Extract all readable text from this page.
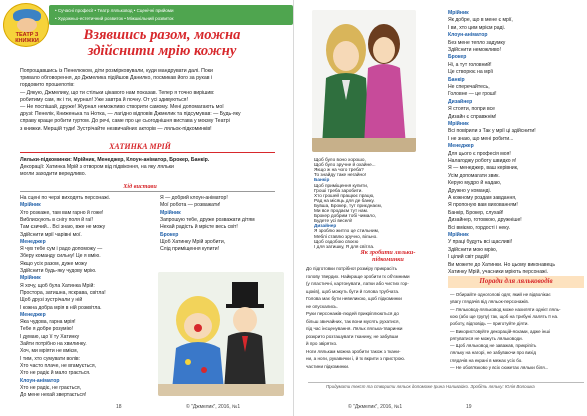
ТЕАТР З КНИЖКИ
• Сучасні професії • Театр ляльковод • Сценічні прийоми
• Художньо-естетичний розвиток • Міжшкільний розвиток
Взявшись разом, можна здійснити мрію кожну
Попрощавшись із Пенелюком, діти розмірковували, куди мандрувати далі. Поки
тривало обговорення, до Джмелика підійшов Данилко, посмикав його за рукав і
гордовито прошепотів:
— Дякую, Джмелику, що ти стільки цікавого нам показав. Тепер я точно вирішив:
робитиму сам, як і ти, журнал! Уже завтра й почну. От усі здивуються!
— Не поспішай, друже! Журнал неможливо створити самому. Мені допомагають мої
друзі: Пенелік, Книженька та Нотка, — лагідно відповів Джмелик та підсумував: — Будь-яку
справу краще робити гуртом. До речі, саме про це сьогоднішня вистава у моєму Театрі
з книжки. Мерщій туди! Зустрічайте незвичайних акторів — ляльок-підкоминків!
ХАТИНКА МРІЙ
Ляльки-підкоминки: Мрійник, Менеджер, Клоун-аніматор, Брокер, Банкір.
Декорації: Хатинка Мрій з отвором від підвіконня, на яку ляльки
могли заходити вередливо.
Хід вистави
На сцені по черзі виходять персонажі.
Мрійник
Хто розкаже, там вам гарно й гоже!
Виблискують в снігу поля й гаї!
Там єзичий... Всі знаю, вже не можу
Здійснити мрії чарівні мої.
Менеджер
Я чув тебе сум і радо допоможу —
Зберу команду сильну! Це я вмію.
Якщо усіх разом, дуже можу
Здійснити будь-яку чудову мрію.
Мрійник
Я хочу, щоб була Хатинка Мрій:
Простора, затишна, яскрава, світла!
Щоб друзі зустрічали у ній
І кожна добра мрія в ній розквітла.
Менеджер
Яка чудова, гарна мрія!
Тебе я добре розумію!
І думаю, що її ту Хатинку
Зайти потрібно на хвилинку.
Хоч, ми мріяти не вмієм,
І тим, хто сумувати волів:
Хто часто плаче, не вгамується,
Хто не радіє й мало грається.
Клоун-аніматор
Хто не радіє, не грається,
До мене нехай звертається!
Я — добрий клоун-аніматор!
Мої робота — розважати!
Мрійник
Запрошую тебе, друже розважати дітям
Нехай радість й мрієте весь світ!
Брокер
Щоб Хатинку Мрій зробити,
Слід приміщення купити!
18	© "Джмелик", 2016, №1
Щоб було воно хорошо,
Щоб було зручне й охайне...
Якщо ж на чого треба?
То знайду таке негайно!
Банкір
Щоб приміщення купити,
Гроші треба заробити.
Хто грошей пращює працю,
Рад на місяць для де банку.
Бувша, Брокер, тут приєднаєм,
Ми все продаєм тут нам.
Брокер добрим тобі чимало,
Будете усі веселі!
Дизайнер
Я зроблю житло це стильним,
Меблі ставлю зручно, вільно.
Щоб оздобою своєю
І для затишку, Я для світла.
Як зробити ляльки-підкоминки
До підготовки потрібної розміру прикрасіть
голову твердих. Найкраще зробити їх об'ємними
(у пластичні, картонувати, латки або чистих гор-
щоків), щоб можуть бути й голова трубчата.
Голова має бути невеликою, щоб підкоминки
не опускались.
Руки персонажів-людей прикріплюються до
більш звичайних, так вони мусять рухатися,
під час інсценування. Ляльк лялька-тваринки
розкрито розташувати тканину, не забувши
й про звірятко.
Ноги лялькам можна зробити також з ткани-
ни, а ноги, рукавички і, й їх вкрити з пристрою.
частини підкоминки.
Мрійник
Як добре, що в мене є мрії,
І ви, хто цим мрієм раді.
Клоун-аніматор
Без мене тепло задумку
Здійснити неможливо!
Брокер
Ні, а тут головний!
Це створює на мрії
Банкір
Не сперечайтесь,
Головне — це гроші!
Дизайнер
Я стояти, попри все
Дизайн є справжнім!
Мрійник
Всі повірили з Так у мрії ці здійснити!
І не знаю, що мені робити...
Менеджер
Для цього є професія моя!
Налагоджу роботу швидко я!
Я — менеджер, ваш керівник,
Усім допомагати звик.
Керую мудро й надаю,
Дружно у команді.
А кожному роздам завдання,
Я пропоную вам вихованням!
Банкір, Брокер, слухай!
Дизайнер, готовкою, дружніше!
Всі вміємо, гордості і неку.
Мрійник
У праці будуть всі щасливі!
Здійснити мою мрію,
І цілий світ радій!
Ви можете до Хатинки. Но цьому виконавець
Хатинку Мрій, учасники мріють персонажі.
Поради для ляльководів
— Обирайте одноголові одяг, який не відволікає
увагу глядачів від ляльок-персонажів.
— Ляльковод-ляльковод може нахиляти однієї ляль-
кою (або ще групу) так, щоб на трибуні лалять її на.
роботу, відповідь — приготуйте діяти.
— Використовуйте декорацій-ясками, адже інші
рятуватися не можуть ляльководи.
— Щоб ляльковод не заважав, прикріпіть
ляльку на нагорі, не забуваючи про вихід
глядачів на екрані в межах усіх бо.
— Не обов'язково у всіх сюжетах ляльки біля...
Придумати текст та створити ляльок допоможе Ірина Наливайко. Зробіть ляльку: Юлія Волошка
© "Джмелик", 2016, №1	19
